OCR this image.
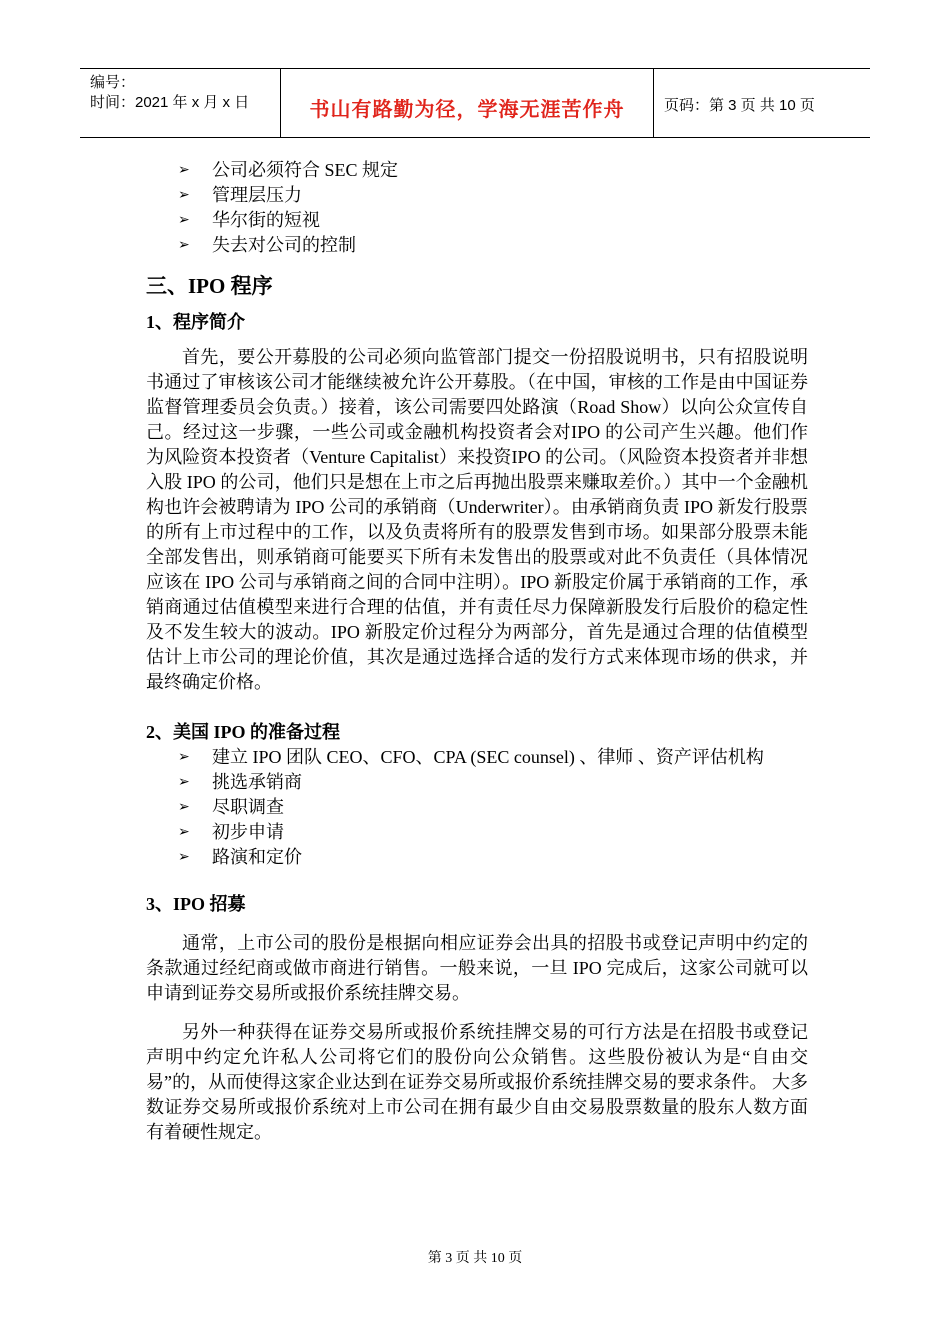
编号：
时间：2021 年 x 月 x 日	书山有路勤为径，学海无涯苦作舟	页码：第 3 页 共 10 页
➢ 公司必须符合 SEC 规定
➢ 管理层压力
➢ 华尔街的短视
➢ 失去对公司的控制

三、IPO 程序

1、程序简介

首先，要公开募股的公司必须向监管部门提交一份招股说明书，只有招股说明书通过了审核该公司才能继续被允许公开募股。（在中国，审核的工作是由中国证券监督管理委员会负责。）接着，该公司需要四处路演（Road Show）以向公众宣传自己。经过这一步骤，一些公司或金融机构投资者会对IPO 的公司产生兴趣。他们作为风险资本投资者（Venture Capitalist）来投资IPO 的公司。（风险资本投资者并非想入股 IPO 的公司，他们只是想在上市之后再抛出股票来赚取差价。）其中一个金融机构也许会被聘请为 IPO 公司的承销商（Underwriter）。由承销商负责 IPO 新发行股票的所有上市过程中的工作，以及负责将所有的股票发售到市场。如果部分股票未能全部发售出，则承销商可能要买下所有未发售出的股票或对此不负责任（具体情况应该在 IPO 公司与承销商之间的合同中注明）。IPO 新股定价属于承销商的工作，承销商通过估值模型来进行合理的估值，并有责任尽力保障新股发行后股价的稳定性及不发生较大的波动。IPO 新股定价过程分为两部分，首先是通过合理的估值模型估计上市公司的理论价值，其次是通过选择合适的发行方式来体现市场的供求，并最终确定价格。

2、美国 IPO 的准备过程

➢ 建立 IPO 团队 CEO、CFO、CPA (SEC counsel) 、律师 、资产评估机构
➢ 挑选承销商
➢ 尽职调查
➢ 初步申请
➢ 路演和定价

3、IPO 招募

通常，上市公司的股份是根据向相应证券会出具的招股书或登记声明中约定的条款通过经纪商或做市商进行销售。一般来说，一旦 IPO 完成后，这家公司就可以申请到证券交易所或报价系统挂牌交易。

另外一种获得在证券交易所或报价系统挂牌交易的可行方法是在招股书或登记声明中约定允许私人公司将它们的股份向公众销售。这些股份被认为是“自由交易”的，从而使得这家企业达到在证券交易所或报价系统挂牌交易的要求条件。 大多数证券交易所或报价系统对上市公司在拥有最少自由交易股票数量的股东人数方面有着硬性规定。

第 3 页 共 10 页
